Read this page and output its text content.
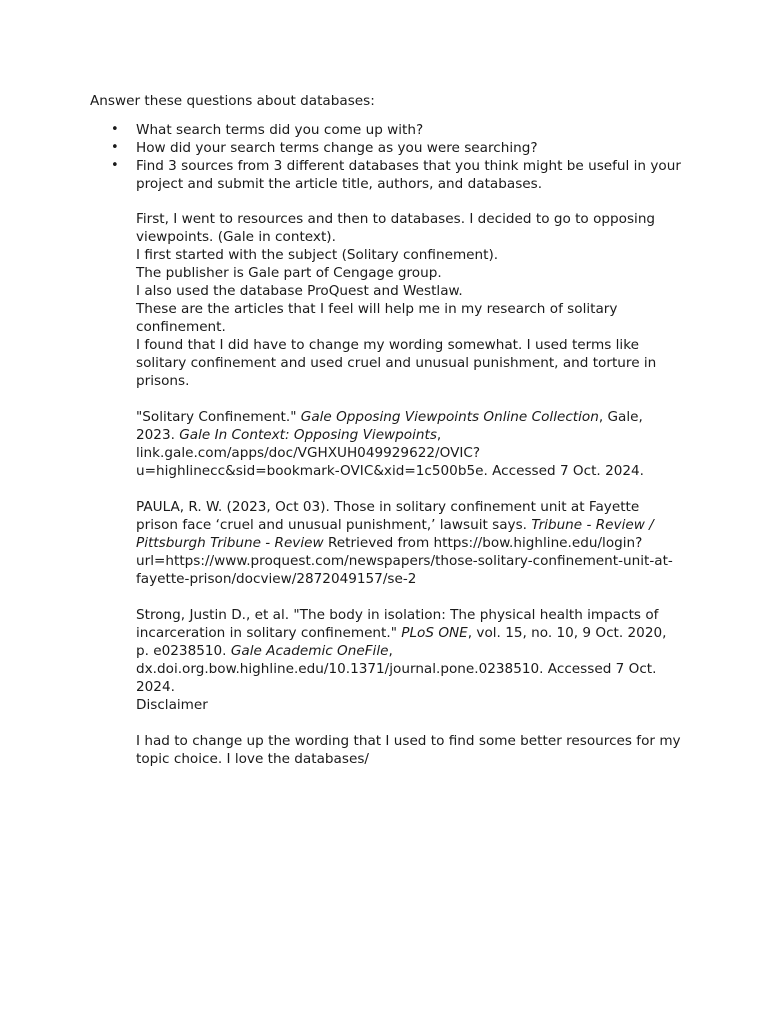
Answer these questions about databases:

• What search terms did you come up with?
• How did your search terms change as you were searching?
• Find 3 sources from 3 different databases that you think might be useful in your project and submit the article title, authors, and databases.

First, I went to resources and then to databases. I decided to go to opposing viewpoints. (Gale in context).

I first started with the subject (Solitary confinement).

The publisher is Gale part of Cengage group.

I also used the database ProQuest and Westlaw.

These are the articles that I feel will help me in my research of solitary confinement.

I found that I did have to change my wording somewhat. I used terms like solitary confinement and used cruel and unusual punishment, and torture in prisons.

"Solitary Confinement." Gale Opposing Viewpoints Online Collection, Gale, 2023. Gale In Context: Opposing Viewpoints, link.gale.com/apps/doc/VGHXUH049929622/OVIC?u=highlinecc&sid=bookmark-OVIC&xid=1c500b5e. Accessed 7 Oct. 2024.

PAULA, R. W. (2023, Oct 03). Those in solitary confinement unit at Fayette prison face ‘cruel and unusual punishment,’ lawsuit says. Tribune - Review / Pittsburgh Tribune - Review Retrieved from https://bow.highline.edu/login?url=https://www.proquest.com/newspapers/those-solitary-confinement-unit-at-fayette-prison/docview/2872049157/se-2

Strong, Justin D., et al. "The body in isolation: The physical health impacts of incarceration in solitary confinement." PLoS ONE, vol. 15, no. 10, 9 Oct. 2020, p. e0238510. Gale Academic OneFile, dx.doi.org.bow.highline.edu/10.1371/journal.pone.0238510. Accessed 7 Oct. 2024.

Disclaimer

I had to change up the wording that I used to find some better resources for my topic choice. I love the databases/
